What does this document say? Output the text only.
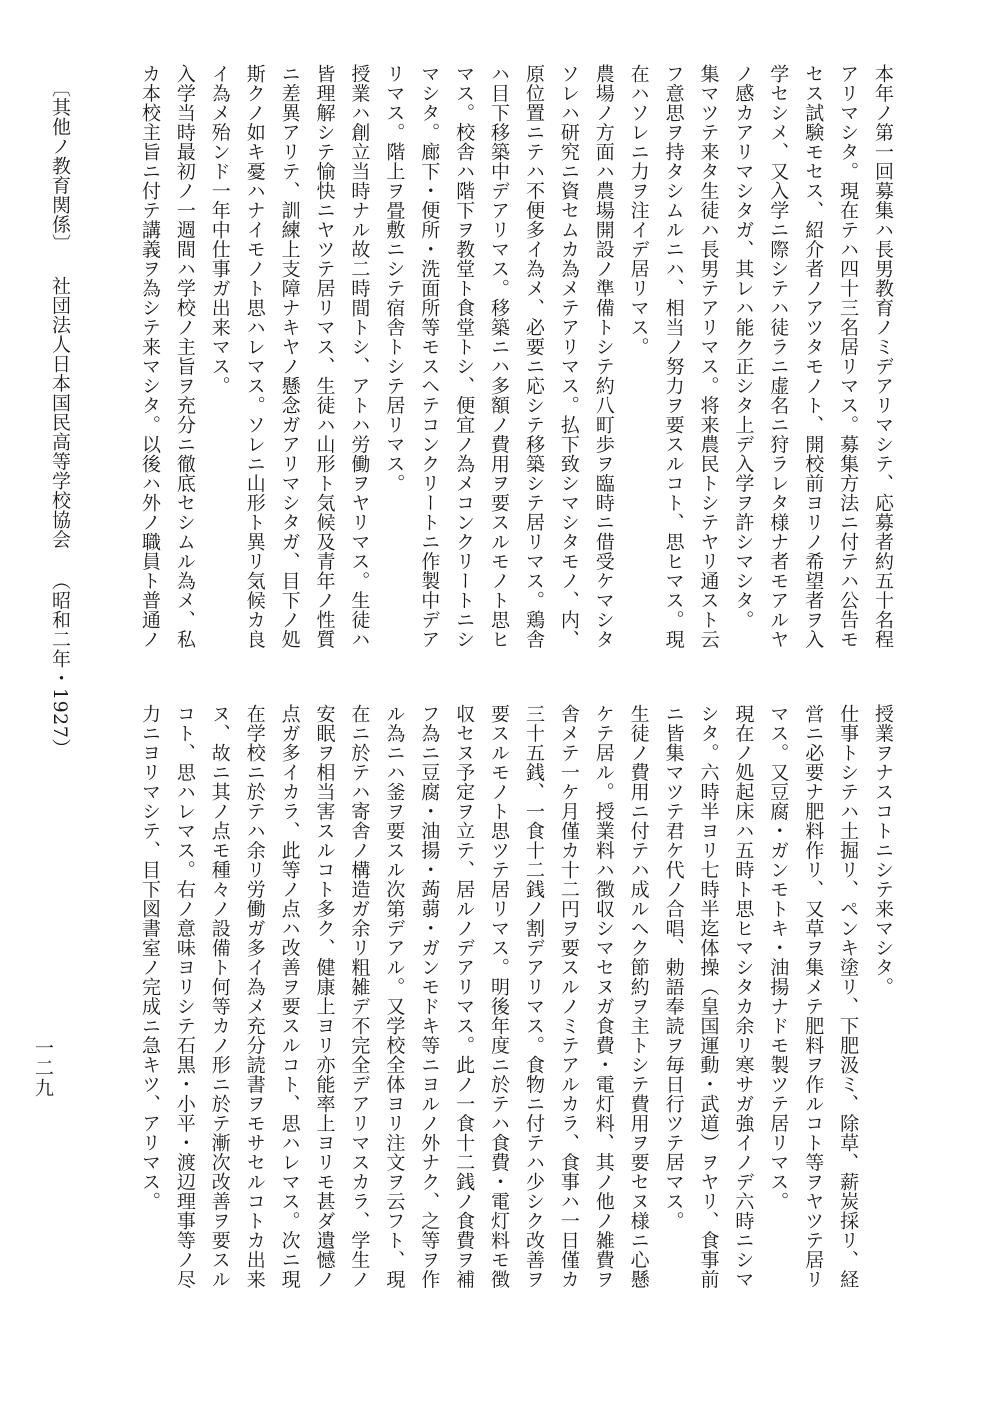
本年ノ第一回募集ハ長男教育ノミデアリマシテ、応募者約五十名程
アリマシタ。現在テハ四十三名居リマス。募集方法ニ付テハ公告モ
セス試験モセス、紹介者ノアツタモノト、開校前ヨリノ希望者ヲ入
学セシメ、又入学ニ際シテハ徒ラニ虚名ニ狩ラレタ様ナ者モアルヤ
ノ感カアリマシタガ、其レハ能ク正シタ上デ入学ヲ許シマシタ。
集マツテ来タ生徒ハ長男テアリマス。将来農民トシテヤリ通スト云
フ意思ヲ持タシムルニハ、相当ノ努力ヲ要スルコト、思ヒマス。現
在ハソレニ力ヲ注イデ居リマス。
農場ノ方面ハ農場開設ノ準備トシテ約八町歩ヲ臨時ニ借受ケマシタ
ソレハ研究ニ資セムカ為メテアリマス。払下致シマシタモノ、内、
原位置ニテハ不便多イ為メ、必要ニ応シテ移築シテ居リマス。鶏舎
ハ目下移築中デアリマス。移築ニハ多額ノ費用ヲ要スルモノト思ヒ
マス。校舎ハ階下ヲ教堂ト食堂トシ、便宜ノ為メコンクリートニシ
マシタ。廊下・便所・洗面所等モスヘテコンクリートニ作製中デア
リマス。階上ヲ畳敷ニシテ宿舎トシテ居リマス。
授業ハ創立当時ナル故二時間トシ、アトハ労働ヲヤリマス。生徒ハ
皆理解シテ愉快ニヤツテ居リマス、生徒ハ山形ト気候及青年ノ性質
ニ差異アリテ、訓練上支障ナキヤノ懸念ガアリマシタガ、目下ノ処
斯クノ如キ憂ハナイモノト思ハレマス。ソレニ山形ト異リ気候カ良
イ為メ殆ンド一年中仕事ガ出来マス。
入学当時最初ノ一週間ハ学校ノ主旨ヲ充分ニ徹底セシムル為メ、私
カ本校主旨ニ付テ講義ヲ為シテ来マシタ。以後ハ外ノ職員ト普通ノ
授業ヲナスコトニシテ来マシタ。
仕事トシテハ土掘リ、ペンキ塗リ、下肥汲ミ、除草、薪炭採リ、経
営ニ必要ナ肥料作リ、又草ヲ集メテ肥料ヲ作ルコト等ヲヤツテ居リ
マス。又豆腐・ガンモトキ・油揚ナドモ製ツテ居リマス。
現在ノ処起床ハ五時ト思ヒマシタカ余リ寒サガ強イノデ六時ニシマ
シタ。六時半ヨリ七時半迄体操（皇国運動・武道）ヲヤリ、食事前
ニ皆集マツテ君ケ代ノ合唱、勅語奉読ヲ毎日行ツテ居マス。
生徒ノ費用ニ付テハ成ルヘク節約ヲ主トシテ費用ヲ要セヌ様ニ心懸
ケテ居ル。授業料ハ徴収シマセヌガ食費・電灯料、其ノ他ノ雑費ヲ
舎メテ一ケ月僅カ十二円ヲ要スルノミテアルカラ、食事ハ一日僅カ
三十五銭、一食十二銭ノ割デアリマス。食物ニ付テハ少シク改善ヲ
要スルモノト思ツテ居リマス。明後年度ニ於テハ食費・電灯料モ徴
収セヌ予定ヲ立テ、居ルノデアリマス。此ノ一食十二銭ノ食費ヲ補
フ為ニ豆腐・油揚・蒟蒻・ガンモドキ等ニヨルノ外ナク、之等ヲ作
ル為ニハ釜ヲ要スル次第デアル。又学校全体ヨリ注文ヲ云フト、現
在ニ於テハ寄舎ノ構造ガ余リ粗雑デ不完全デアリマスカラ、学生ノ
安眠ヲ相当害スルコト多ク、健康上ヨリ亦能率上ヨリモ甚ダ遺憾ノ
点ガ多イカラ、此等ノ点ハ改善ヲ要スルコト、思ハレマス。次ニ現
在学校ニ於テハ余リ労働ガ多イ為メ充分読書ヲモサセルコトカ出来
ヌ、故ニ其ノ点モ種々ノ設備ト何等カノ形ニ於テ漸次改善ヲ要スル
コト、思ハレマス。右ノ意味ヨリシテ石黒・小平・渡辺理事等ノ尽
力ニヨリマシテ、目下図書室ノ完成ニ急キツ、アリマス。
〔其他ノ教育関係〕社団法人日本国民高等学校協会（昭和二年・1927）
一二九
